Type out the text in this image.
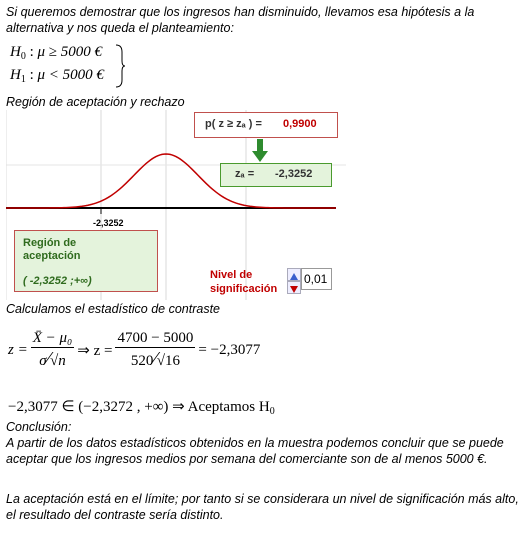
Si queremos demostrar que los ingresos han disminuido, llevamos esa hipótesis a la alternativa y nos queda el planteamiento:
$H_0$ : μ ≥ 5000 €
$H_1$ : μ < 5000 €
Región de aceptación y rechazo
-2,3252
p( z ≥ zₐ ) = 0,9900
zₐ = -2,3252
Región de aceptación
( -2,3252 ;+∞)	Nivel de significación
0,01
Calculamos el estadístico de contraste
$z = \frac{\text{X̄ − μ₀}}{\sigma⁄√n}$ ⇒ $z = \frac{4700 - 5000}{520⁄√16} = -2,3077$
−2,3077 ∈ (−2,3272 , +∞) ⇒ Aceptamos $H_0$
Conclusión:
A partir de los datos estadísticos obtenidos en la muestra podemos concluir que se puede aceptar que los ingresos medios por semana del comerciante son de al menos 5000 €.
La aceptación está en el límite; por tanto si se considerara un nivel de significación más alto, el resultado del contraste sería distinto.
